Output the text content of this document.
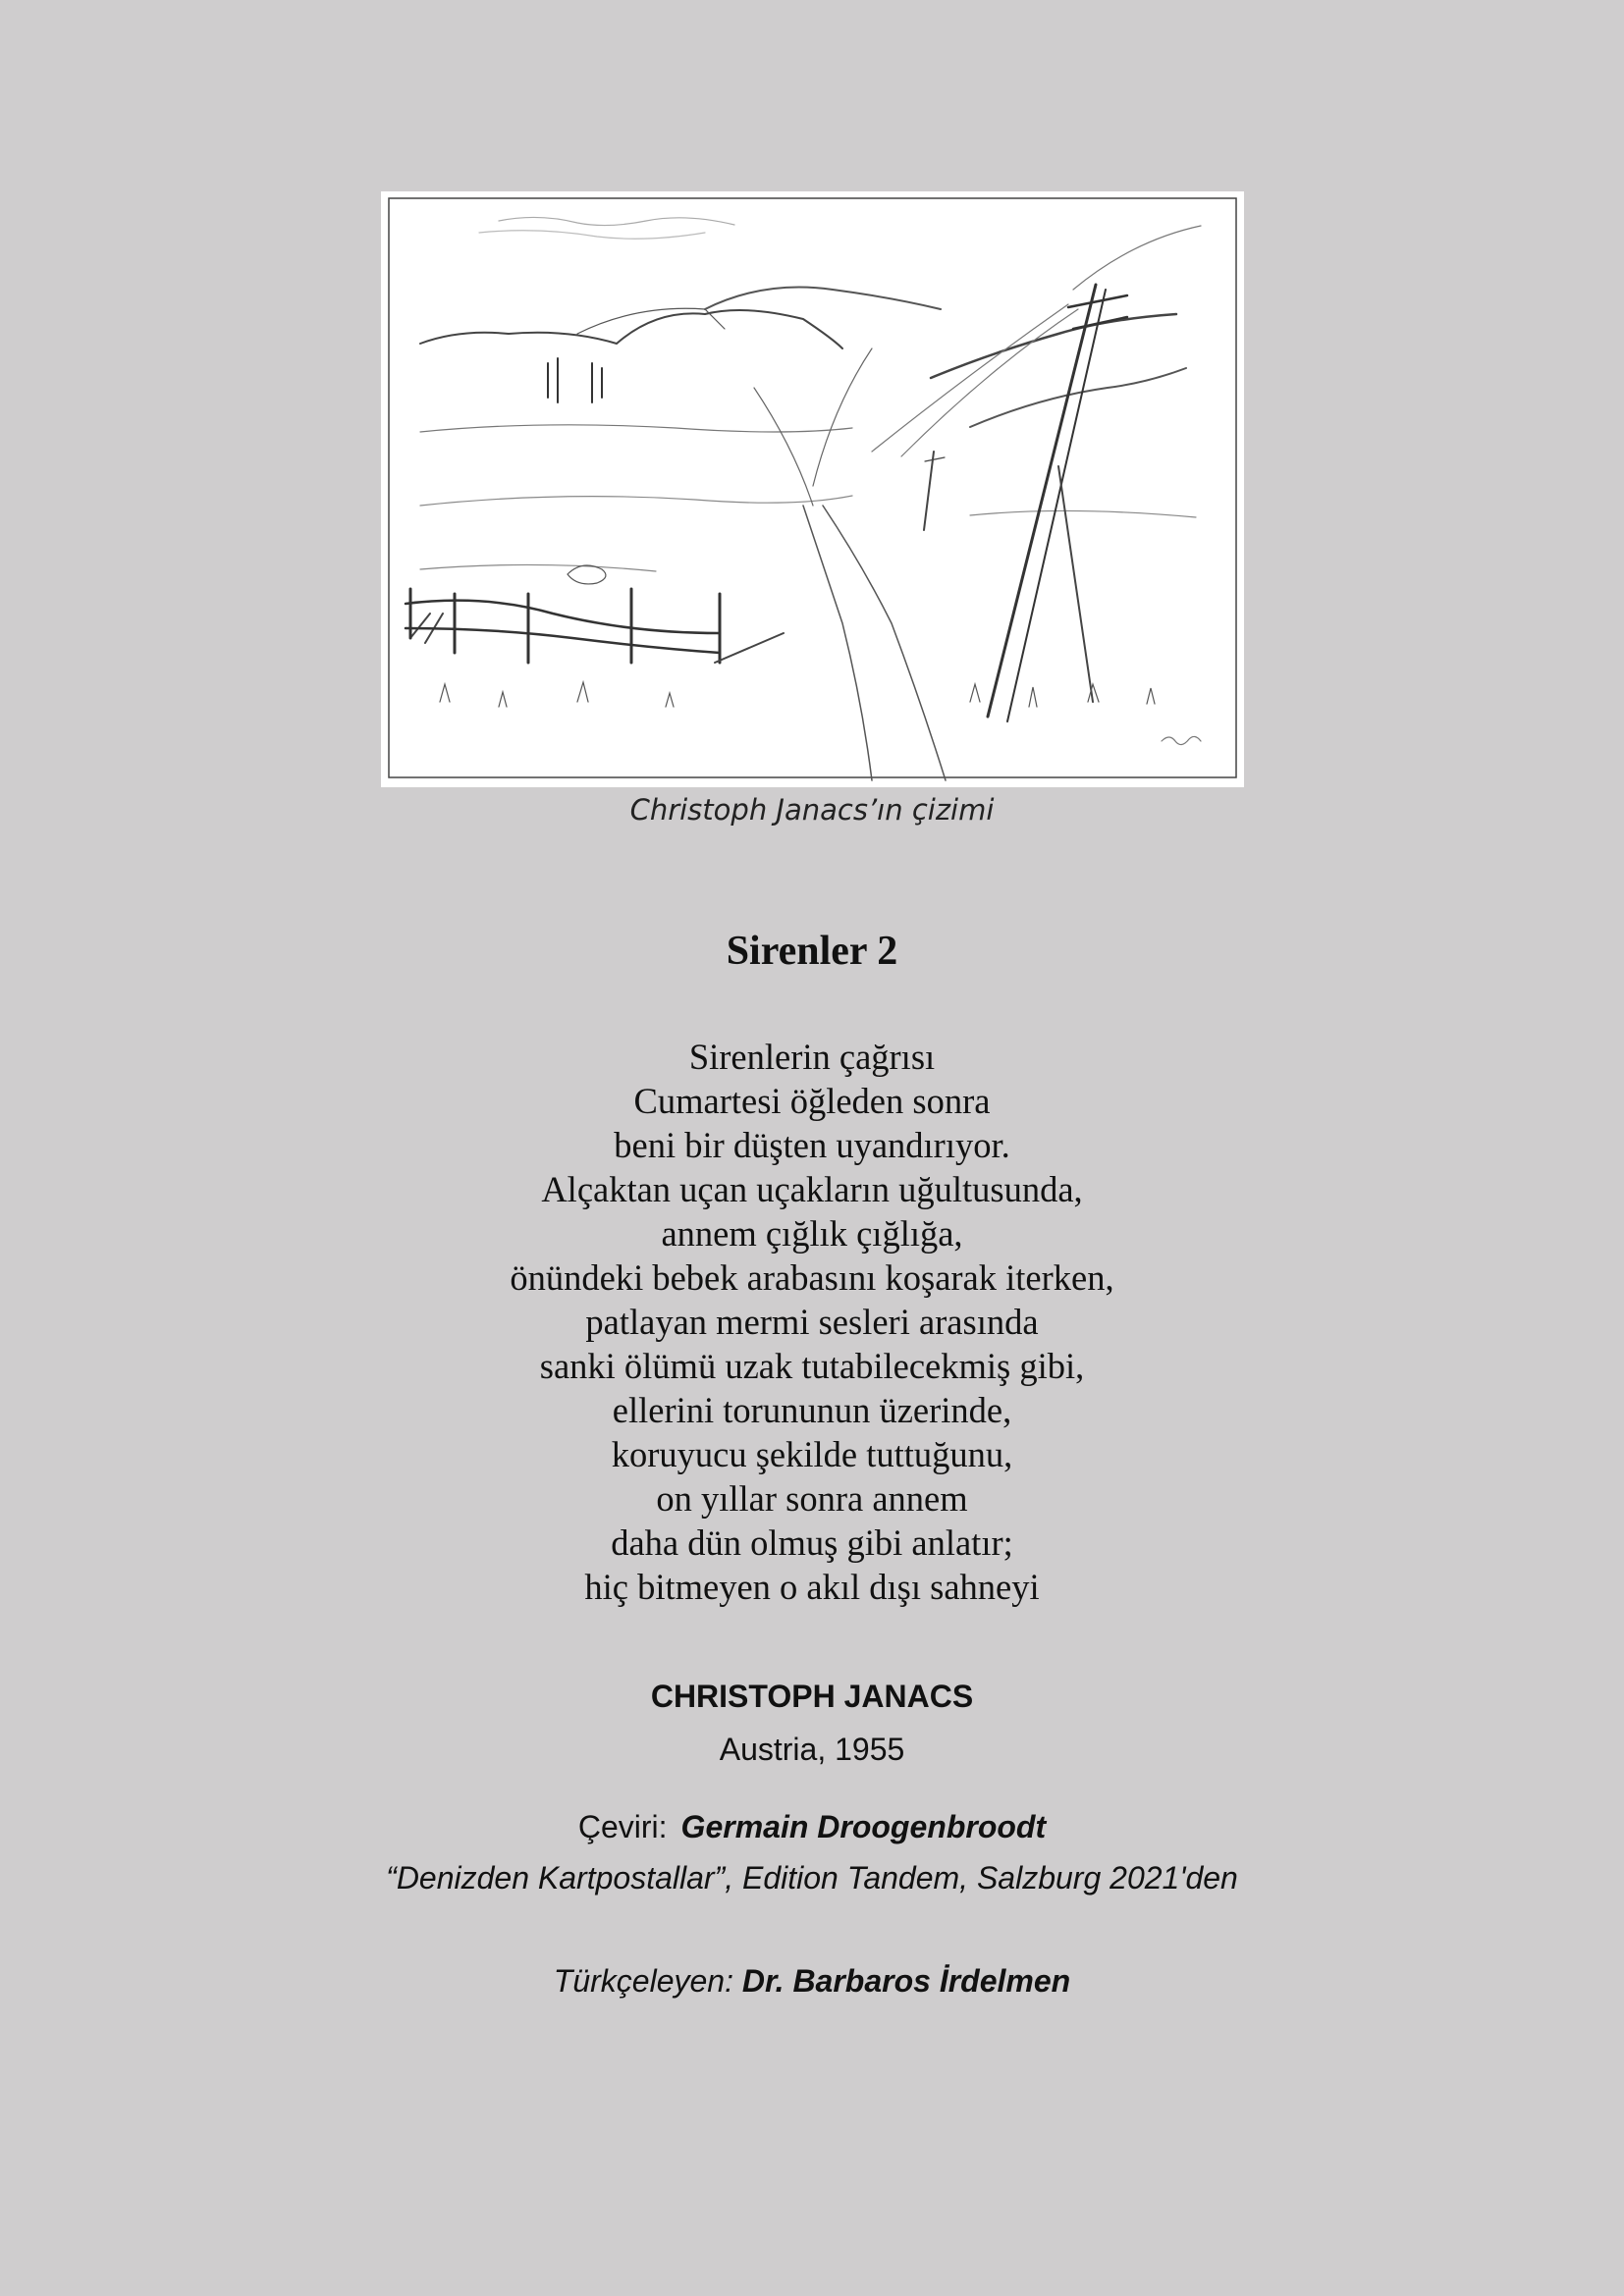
Christoph Janacs’ın çizimi
Sirenler 2
Sirenlerin çağrısı
Cumartesi öğleden sonra
beni bir düşten uyandırıyor.
Alçaktan uçan uçakların uğultusunda,
annem çığlık çığlığa,
önündeki bebek arabasını koşarak iterken,
patlayan mermi sesleri arasında
sanki ölümü uzak tutabilecekmiş gibi,
ellerini torununun üzerinde,
koruyucu şekilde tuttuğunu,
on yıllar sonra annem
daha dün olmuş gibi anlatır;
hiç bitmeyen o akıl dışı sahneyi
CHRISTOPH JANACS
Austria, 1955
Çeviri: Germain Droogenbroodt
“Denizden Kartpostallar”, Edition Tandem, Salzburg 2021'den
Türkçeleyen: Dr. Barbaros İrdelmen
